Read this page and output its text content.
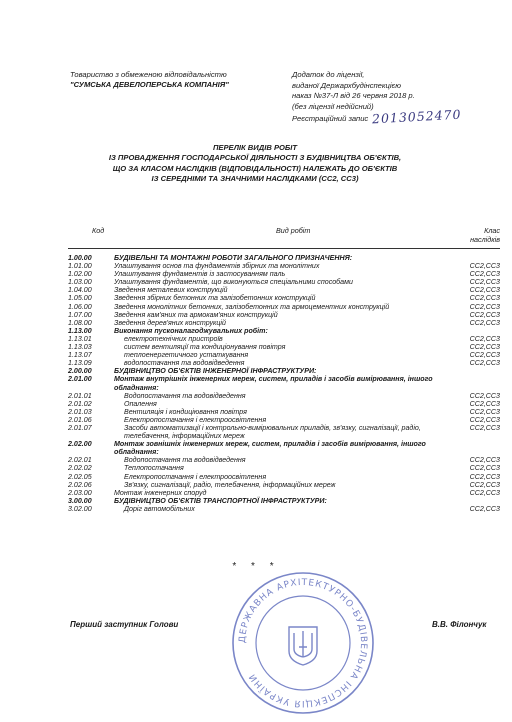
Товариство з обмеженою відповідальністю
"СУМСЬКА ДЕВЕЛОПЕРСЬКА КОМПАНІЯ"
Додаток до ліцензії,
виданої Держархбудінспекцією
наказ №37-Л від 26 червня 2018 р.
(без ліцензії недійсний)
Реєстраційний запис 2013052470
ПЕРЕЛІК ВИДІВ РОБІТ
ІЗ ПРОВАДЖЕННЯ ГОСПОДАРСЬКОЇ ДІЯЛЬНОСТІ З БУДІВНИЦТВА ОБ'ЄКТІВ,
ЩО ЗА КЛАСОМ НАСЛІДКІВ (ВІДПОВІДАЛЬНОСТІ) НАЛЕЖАТЬ ДО ОБ'ЄКТІВ
ІЗ СЕРЕДНІМИ ТА ЗНАЧНИМИ НАСЛІДКАМИ (СС2, СС3)
Код	Вид робіт	Клас
наслідків
1.00.00	БУДІВЕЛЬНІ ТА МОНТАЖНІ РОБОТИ ЗАГАЛЬНОГО ПРИЗНАЧЕННЯ:
1.01.00	Улаштування основ та фундаментів збірних та монолітних	СС2,СС3
1.02.00	Улаштування фундаментів із застосуванням паль	СС2,СС3
1.03.00	Улаштування фундаментів, що виконуються спеціальними способами	СС2,СС3
1.04.00	Зведення металевих конструкцій	СС2,СС3
1.05.00	Зведення збірних бетонних та залізобетонних конструкцій	СС2,СС3
1.06.00	Зведення монолітних бетонних, залізобетонних та армоцементних конструкцій	СС2,СС3
1.07.00	Зведення кам'яних та армокам'яних конструкцій	СС2,СС3
1.08.00	Зведення дерев'яних конструкцій	СС2,СС3
1.13.00	Виконання пусконалагоджувальних робіт:
1.13.01	електротехнічних пристроїв	СС2,СС3
1.13.03	систем вентиляції та кондиціонування повітря	СС2,СС3
1.13.07	теплоенергетичного устаткування	СС2,СС3
1.13.09	водопостачання та водовідведення	СС2,СС3
2.00.00	БУДІВНИЦТВО ОБ'ЄКТІВ ІНЖЕНЕРНОЇ ІНФРАСТРУКТУРИ:
2.01.00	Монтаж внутрішніх інженерних мереж, систем, приладів і засобів вимірювання, іншого обладнання:
2.01.01	Водопостачання та водовідведення	СС2,СС3
2.01.02	Опалення	СС2,СС3
2.01.03	Вентиляція і кондиціювання повітря	СС2,СС3
2.01.06	Електропостачання і електроосвітлення	СС2,СС3
2.01.07	Засоби автоматизації і контрольно-вимірювальних приладів, зв'язку, сигналізації, радіо, телебачення, інформаційних мереж
СС2,СС3
2.02.00	Монтаж зовнішніх інженерних мереж, систем, приладів і засобів вимірювання, іншого обладнання:
2.02.01	Водопостачання та водовідведення	СС2,СС3
2.02.02	Теплопостачання	СС2,СС3
2.02.05	Електропостачання і електроосвітлення	СС2,СС3
2.02.06	Зв'язку, сигналізації, радіо, телебачення, інформаційних мереж	СС2,СС3
2.03.00	Монтаж інженерних споруд	СС2,СС3
3.00.00	БУДІВНИЦТВО ОБ'ЄКТІВ ТРАНСПОРТНОЇ ІНФРАСТРУКТУРИ:
3.02.00	Доріг автомобільних	СС2,СС3
* * *
ДЕРЖАВНА АРХІТЕКТУРНО-БУДІВЕЛЬНА ІНСПЕКЦІЯ УКРАЇНИ
Перший заступник Голови	В.В. Філончук
